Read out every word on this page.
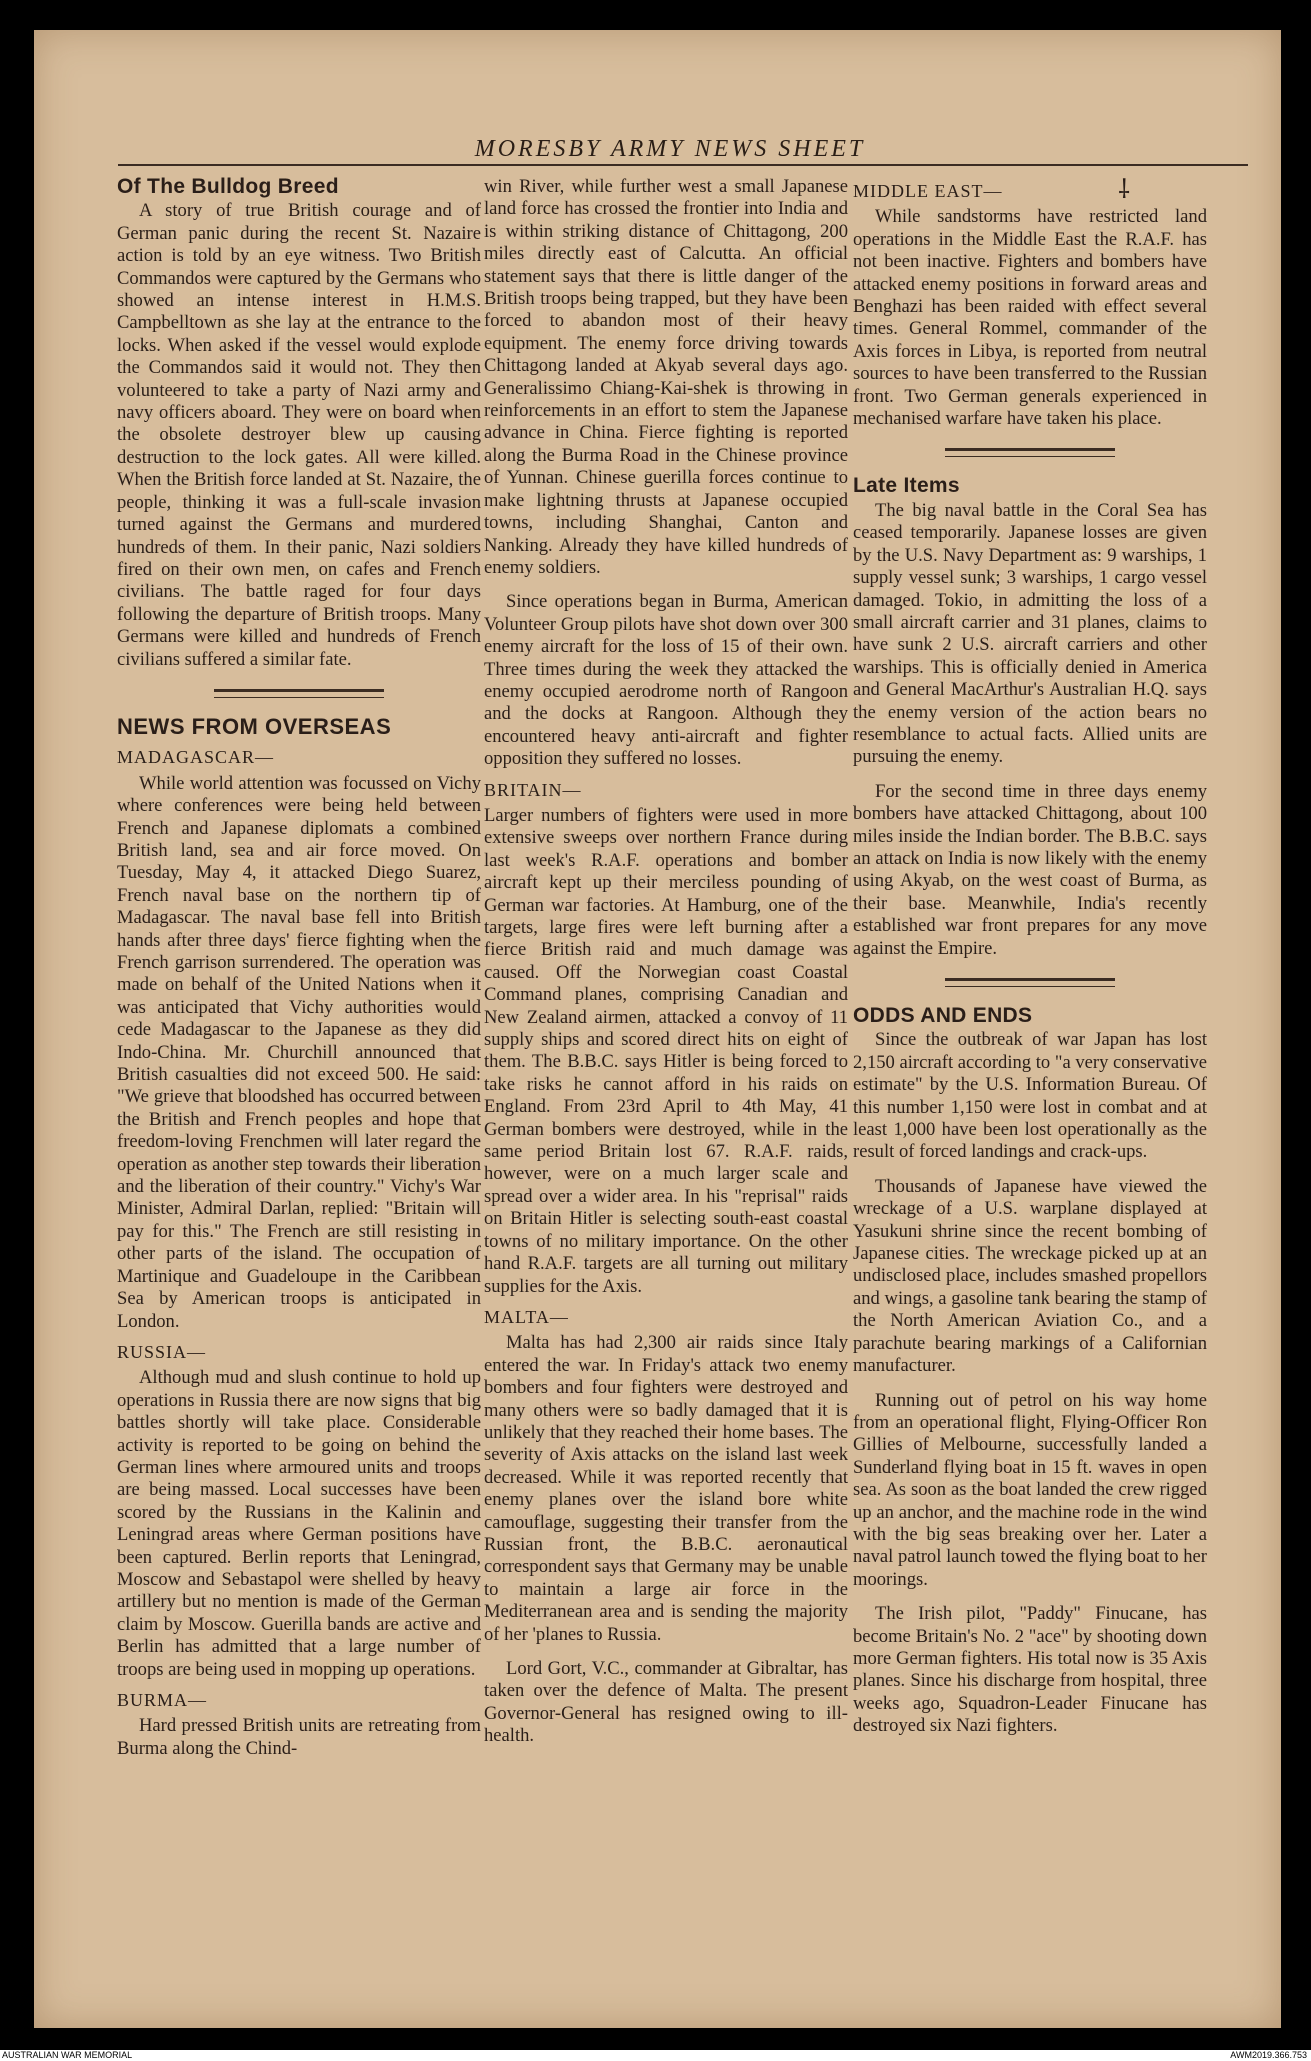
MORESBY ARMY NEWS SHEET
⸸
Of The Bulldog Breed

A story of true British courage and of German panic during the recent St. Nazaire action is told by an eye witness. Two British Commandos were captured by the Germans who showed an intense interest in H.M.S. Campbelltown as she lay at the entrance to the locks. When asked if the vessel would explode the Commandos said it would not. They then volunteered to take a party of Nazi army and navy officers aboard. They were on board when the obsolete destroyer blew up causing destruction to the lock gates. All were killed. When the British force landed at St. Nazaire, the people, thinking it was a full-scale invasion turned against the Germans and murdered hundreds of them. In their panic, Nazi soldiers fired on their own men, on cafes and French civilians. The battle raged for four days following the departure of British troops. Many Germans were killed and hundreds of French civilians suffered a similar fate.

NEWS FROM OVERSEAS
MADAGASCAR—

While world attention was focussed on Vichy where conferences were being held between French and Japanese diplomats a combined British land, sea and air force moved. On Tuesday, May 4, it attacked Diego Suarez, French naval base on the northern tip of Madagascar. The naval base fell into British hands after three days' fierce fighting when the French garrison surrendered. The operation was made on behalf of the United Nations when it was anticipated that Vichy authorities would cede Madagascar to the Japanese as they did Indo-China. Mr. Churchill announced that British casualties did not exceed 500. He said: "We grieve that bloodshed has occurred between the British and French peoples and hope that freedom-loving Frenchmen will later regard the operation as another step towards their liberation and the liberation of their country." Vichy's War Minister, Admiral Darlan, replied: "Britain will pay for this." The French are still resisting in other parts of the island. The occupation of Martinique and Guadeloupe in the Caribbean Sea by American troops is anticipated in London.

RUSSIA—

Although mud and slush continue to hold up operations in Russia there are now signs that big battles shortly will take place. Considerable activity is reported to be going on behind the German lines where armoured units and troops are being massed. Local successes have been scored by the Russians in the Kalinin and Leningrad areas where German positions have been captured. Berlin reports that Leningrad, Moscow and Sebastapol were shelled by heavy artillery but no mention is made of the German claim by Moscow. Guerilla bands are active and Berlin has admitted that a large number of troops are being used in mopping up operations.

BURMA—

Hard pressed British units are retreating from Burma along the Chind-

win River, while further west a small Japanese land force has crossed the frontier into India and is within striking distance of Chittagong, 200 miles directly east of Calcutta. An official statement says that there is little danger of the British troops being trapped, but they have been forced to abandon most of their heavy equipment. The enemy force driving towards Chittagong landed at Akyab several days ago. Generalissimo Chiang-Kai-shek is throwing in reinforcements in an effort to stem the Japanese advance in China. Fierce fighting is reported along the Burma Road in the Chinese province of Yunnan. Chinese guerilla forces continue to make lightning thrusts at Japanese occupied towns, including Shanghai, Canton and Nanking. Already they have killed hundreds of enemy soldiers.

Since operations began in Burma, American Volunteer Group pilots have shot down over 300 enemy aircraft for the loss of 15 of their own. Three times during the week they attacked the enemy occupied aerodrome north of Rangoon and the docks at Rangoon. Although they encountered heavy anti-aircraft and fighter opposition they suffered no losses.

BRITAIN—

Larger numbers of fighters were used in more extensive sweeps over northern France during last week's R.A.F. operations and bomber aircraft kept up their merciless pounding of German war factories. At Hamburg, one of the targets, large fires were left burning after a fierce British raid and much damage was caused. Off the Norwegian coast Coastal Command planes, comprising Canadian and New Zealand airmen, attacked a convoy of 11 supply ships and scored direct hits on eight of them. The B.B.C. says Hitler is being forced to take risks he cannot afford in his raids on England. From 23rd April to 4th May, 41 German bombers were destroyed, while in the same period Britain lost 67. R.A.F. raids, however, were on a much larger scale and spread over a wider area. In his "reprisal" raids on Britain Hitler is selecting south-east coastal towns of no military importance. On the other hand R.A.F. targets are all turning out military supplies for the Axis.

MALTA—

Malta has had 2,300 air raids since Italy entered the war. In Friday's attack two enemy bombers and four fighters were destroyed and many others were so badly damaged that it is unlikely that they reached their home bases. The severity of Axis attacks on the island last week decreased. While it was reported recently that enemy planes over the island bore white camouflage, suggesting their transfer from the Russian front, the B.B.C. aeronautical correspondent says that Germany may be unable to maintain a large air force in the Mediterranean area and is sending the majority of her 'planes to Russia.

Lord Gort, V.C., commander at Gibraltar, has taken over the defence of Malta. The present Governor-General has resigned owing to ill-health.

MIDDLE EAST—

While sandstorms have restricted land operations in the Middle East the R.A.F. has not been inactive. Fighters and bombers have attacked enemy positions in forward areas and Benghazi has been raided with effect several times. General Rommel, commander of the Axis forces in Libya, is reported from neutral sources to have been transferred to the Russian front. Two German generals experienced in mechanised warfare have taken his place.

Late Items

The big naval battle in the Coral Sea has ceased temporarily. Japanese losses are given by the U.S. Navy Department as: 9 warships, 1 supply vessel sunk; 3 warships, 1 cargo vessel damaged. Tokio, in admitting the loss of a small aircraft carrier and 31 planes, claims to have sunk 2 U.S. aircraft carriers and other warships. This is officially denied in America and General MacArthur's Australian H.Q. says the enemy version of the action bears no resemblance to actual facts. Allied units are pursuing the enemy.

For the second time in three days enemy bombers have attacked Chittagong, about 100 miles inside the Indian border. The B.B.C. says an attack on India is now likely with the enemy using Akyab, on the west coast of Burma, as their base. Meanwhile, India's recently established war front prepares for any move against the Empire.

ODDS AND ENDS

Since the outbreak of war Japan has lost 2,150 aircraft according to "a very conservative estimate" by the U.S. Information Bureau. Of this number 1,150 were lost in combat and at least 1,000 have been lost operationally as the result of forced landings and crack-ups.

Thousands of Japanese have viewed the wreckage of a U.S. warplane displayed at Yasukuni shrine since the recent bombing of Japanese cities. The wreckage picked up at an undisclosed place, includes smashed propellors and wings, a gasoline tank bearing the stamp of the North American Aviation Co., and a parachute bearing markings of a Californian manufacturer.

Running out of petrol on his way home from an operational flight, Flying-Officer Ron Gillies of Melbourne, successfully landed a Sunderland flying boat in 15 ft. waves in open sea. As soon as the boat landed the crew rigged up an anchor, and the machine rode in the wind with the big seas breaking over her. Later a naval patrol launch towed the flying boat to her moorings.

The Irish pilot, "Paddy" Finucane, has become Britain's No. 2 "ace" by shooting down more German fighters. His total now is 35 Axis planes. Since his discharge from hospital, three weeks ago, Squadron-Leader Finucane has destroyed six Nazi fighters.

AUSTRALIAN WAR MEMORIAL	AWM2019.366.753
